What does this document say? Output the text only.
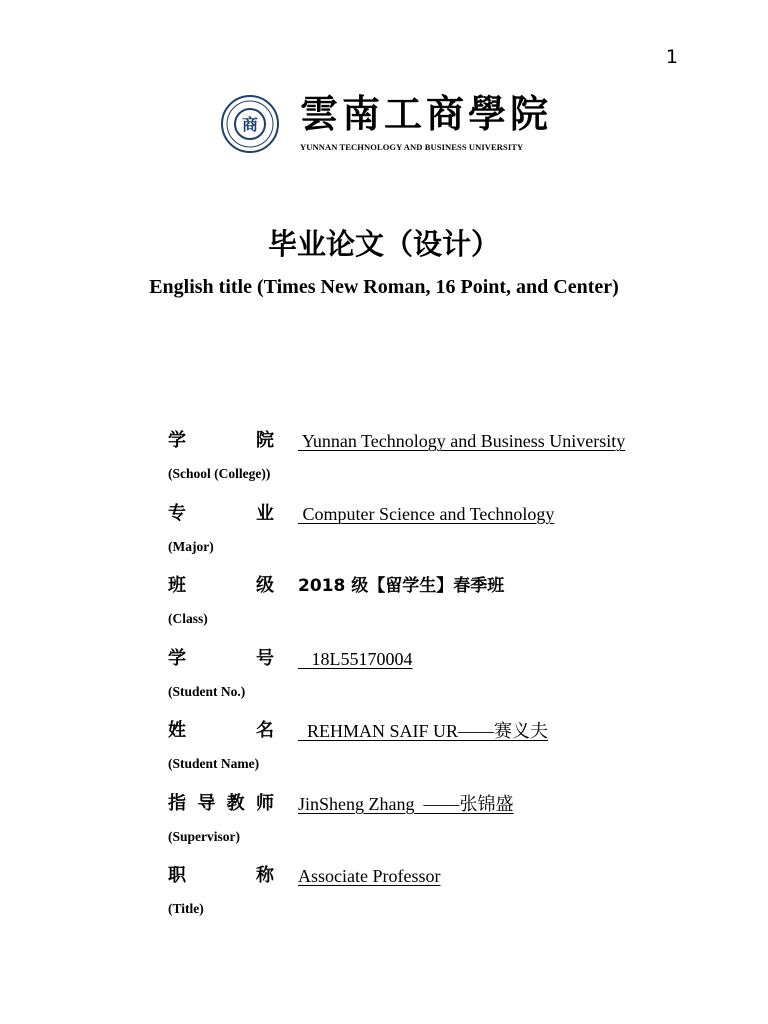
1
商 雲南工商學院
YUNNAN TECHNOLOGY AND BUSINESS UNIVERSITY
毕业论文（设计）
English title (Times New Roman, 16 Point, and Center)
学	院 Yunnan Technology and Business University
(School (College))
专	业 Computer Science and Technology
(Major)
班	级 2018 级【留学生】春季班
(Class)
学	号 18L55170004
(Student No.)
姓	名 REHMAN SAIF UR——赛义夫
(Student Name)
指 导 教 师 JinSheng Zhang  ——张锦盛
(Supervisor)
职	称 Associate Professor
(Title)
